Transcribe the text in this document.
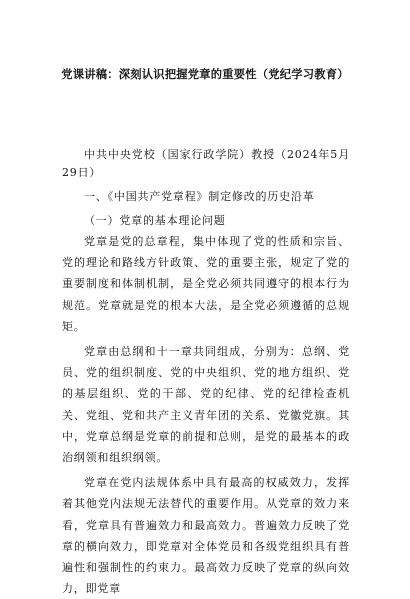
党课讲稿：深刻认识把握党章的重要性（党纪学习教育）

中共中央党校（国家行政学院）教授（2024年5月29日）

一、《中国共产党章程》制定修改的历史沿革

（一）党章的基本理论问题

党章是党的总章程，集中体现了党的性质和宗旨、党的理论和路线方针政策、党的重要主张，规定了党的重要制度和体制机制，是全党必须共同遵守的根本行为规范。党章就是党的根本大法，是全党必须遵循的总规矩。

党章由总纲和十一章共同组成，分别为：总纲、党员、党的组织制度、党的中央组织、党的地方组织、党的基层组织、党的干部、党的纪律、党的纪律检查机关、党组、党和共产主义青年团的关系、党徽党旗。其中，党章总纲是党章的前提和总则，是党的最基本的政治纲领和组织纲领。

党章在党内法规体系中具有最高的权威效力，发挥着其他党内法规无法替代的重要作用。从党章的效力来看，党章具有普遍效力和最高效力。普遍效力反映了党章的横向效力，即党章对全体党员和各级党组织具有普遍性和强制性的约束力。最高效力反映了党章的纵向效力，即党章
